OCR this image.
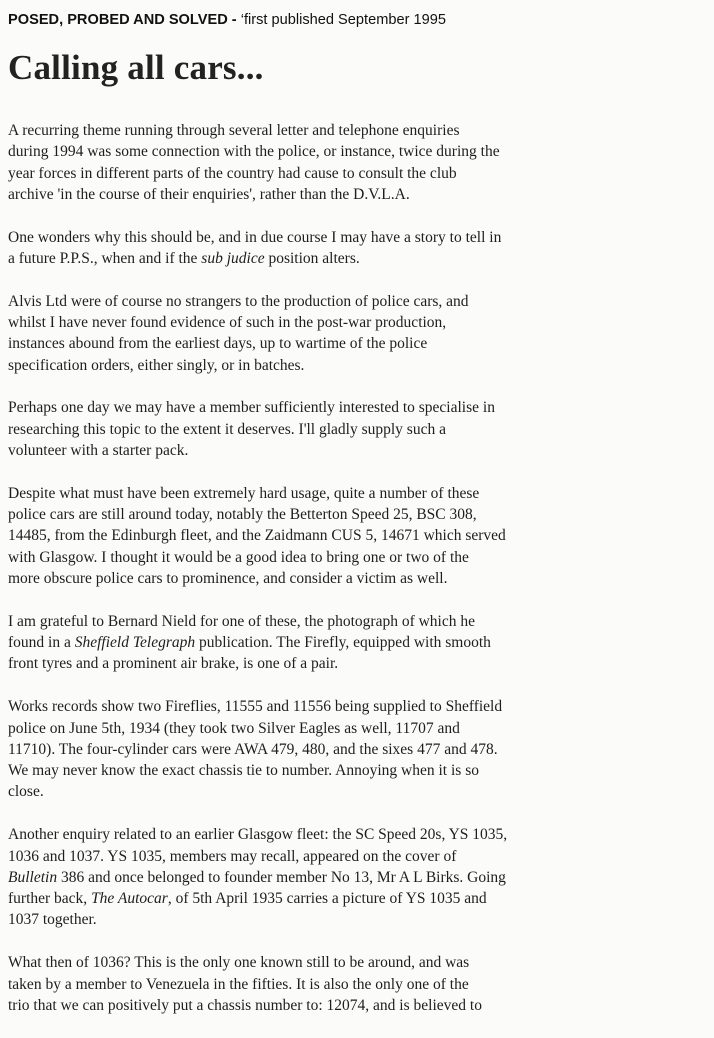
POSED, PROBED AND SOLVED - ‘first published September 1995
Calling all cars...

A recurring theme running through several letter and telephone enquiries
during 1994 was some connection with the police, or instance, twice during the
year forces in different parts of the country had cause to consult the club
archive 'in the course of their enquiries', rather than the D.V.L.A.

One wonders why this should be, and in due course I may have a story to tell in
a future P.P.S., when and if the sub judice position alters.

Alvis Ltd were of course no strangers to the production of police cars, and
whilst I have never found evidence of such in the post-war production,
instances abound from the earliest days, up to wartime of the police
specification orders, either singly, or in batches.

Perhaps one day we may have a member sufficiently interested to specialise in
researching this topic to the extent it deserves. I'll gladly supply such a
volunteer with a starter pack.

Despite what must have been extremely hard usage, quite a number of these
police cars are still around today, notably the Betterton Speed 25, BSC 308,
14485, from the Edinburgh fleet, and the Zaidmann CUS 5, 14671 which served
with Glasgow. I thought it would be a good idea to bring one or two of the
more obscure police cars to prominence, and consider a victim as well.

I am grateful to Bernard Nield for one of these, the photograph of which he
found in a Sheffield Telegraph publication. The Firefly, equipped with smooth
front tyres and a prominent air brake, is one of a pair.

Works records show two Fireflies, 11555 and 11556 being supplied to Sheffield
police on June 5th, 1934 (they took two Silver Eagles as well, 11707 and
11710). The four-cylinder cars were AWA 479, 480, and the sixes 477 and 478.
We may never know the exact chassis tie to number. Annoying when it is so
close.

Another enquiry related to an earlier Glasgow fleet: the SC Speed 20s, YS 1035,
1036 and 1037. YS 1035, members may recall, appeared on the cover of
Bulletin 386 and once belonged to founder member No 13, Mr A L Birks. Going
further back, The Autocar, of 5th April 1935 carries a picture of YS 1035 and
1037 together.

What then of 1036? This is the only one known still to be around, and was
taken by a member to Venezuela in the fifties. It is also the only one of the
trio that we can positively put a chassis number to: 12074, and is believed to
